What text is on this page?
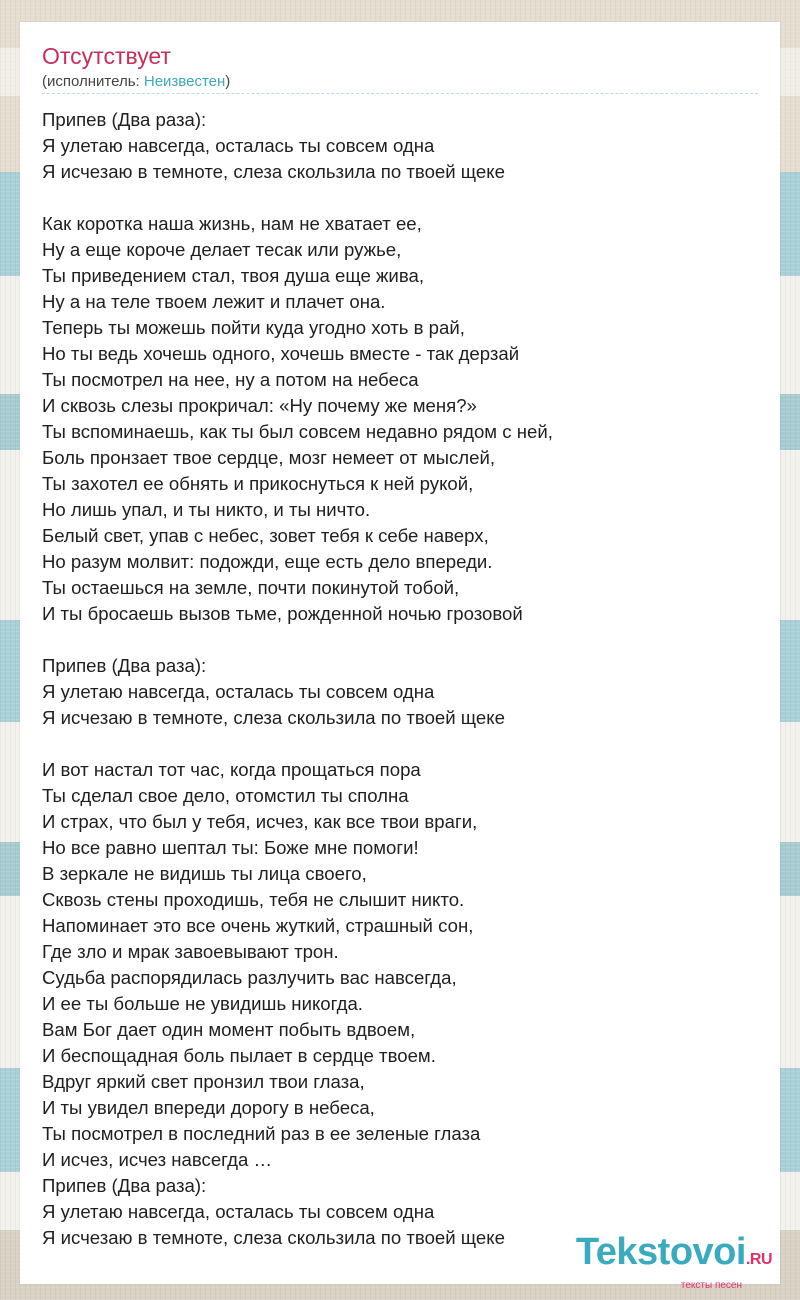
Отсутствует
(исполнитель: Неизвестен)
Припев (Два раза):
Я улетаю навсегда, осталась ты совсем одна
Я исчезаю в темноте, слеза скользила по твоей щеке

Как коротка наша жизнь, нам не хватает ее,
Ну а еще короче делает тесак или ружье,
Ты приведением стал, твоя душа еще жива,
Ну а на теле твоем лежит и плачет она.
Теперь ты можешь пойти куда угодно хоть в рай,
Но ты ведь хочешь одного, хочешь вместе - так дерзай
Ты посмотрел на нее, ну а потом на небеса
И сквозь слезы прокричал: «Ну почему же меня?»
Ты вспоминаешь, как ты был совсем недавно рядом с ней,
Боль пронзает твое сердце, мозг немеет от мыслей,
Ты захотел ее обнять и прикоснуться к ней рукой,
Но лишь упал, и ты никто, и ты ничто.
Белый свет, упав с небес, зовет тебя к себе наверх,
Но разум молвит: подожди, еще есть дело впереди.
Ты остаешься на земле, почти покинутой тобой,
И ты бросаешь вызов тьме, рожденной ночью грозовой

Припев (Два раза):
Я улетаю навсегда, осталась ты совсем одна
Я исчезаю в темноте, слеза скользила по твоей щеке

И вот настал тот час, когда прощаться пора
Ты сделал свое дело, отомстил ты сполна
И страх, что был у тебя, исчез, как все твои враги,
Но все равно шептал ты: Боже мне помоги!
В зеркале не видишь ты лица своего,
Сквозь стены проходишь, тебя не слышит никто.
Напоминает это все очень жуткий, страшный сон,
Где зло и мрак завоевывают трон.
Судьба распорядилась разлучить вас навсегда,
И ее ты больше не увидишь никогда.
Вам Бог дает один момент побыть вдвоем,
И беспощадная боль пылает в сердце твоем.
Вдруг яркий свет пронзил твои глаза,
И ты увидел впереди дорогу в небеса,
Ты посмотрел в последний раз в ее зеленые глаза
И исчез, исчез навсегда …
Припев (Два раза):
Я улетаю навсегда, осталась ты совсем одна
Я исчезаю в темноте, слеза скользила по твоей щеке	Tekstovoi.RU
тексты песен
